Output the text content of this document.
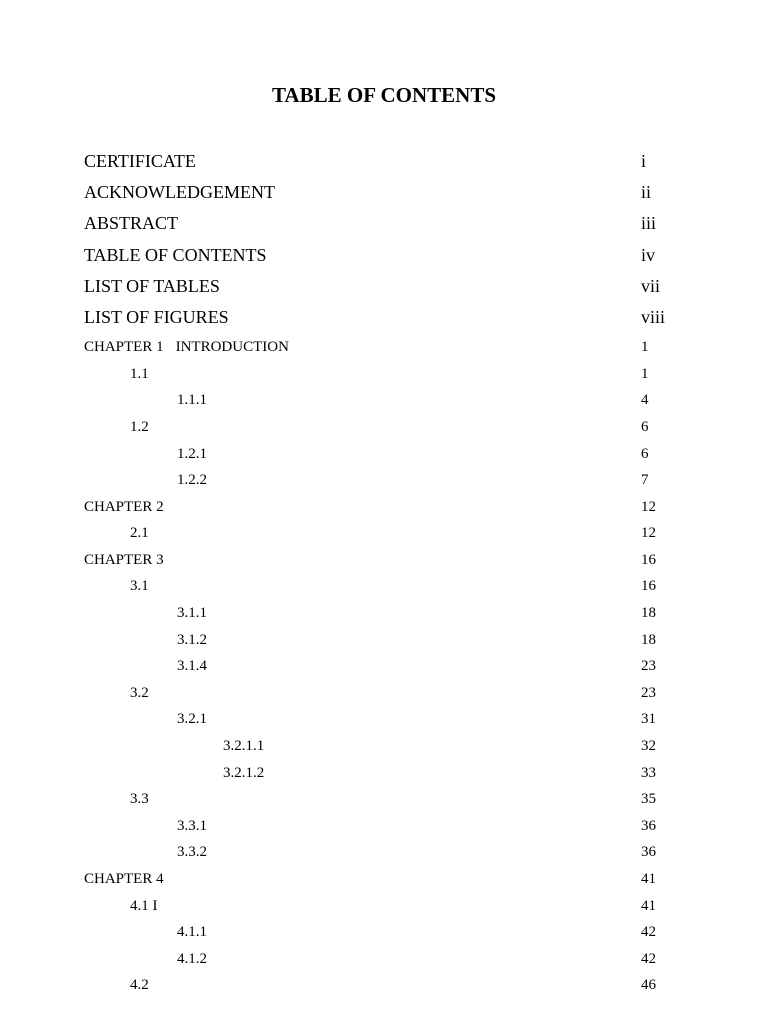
TABLE OF CONTENTS
CERTIFICATE	i
ACKNOWLEDGEMENT	ii
ABSTRACT	iii
TABLE OF CONTENTS	iv
LIST OF TABLES	vii
LIST OF FIGURES	viii
CHAPTER 1 INTRODUCTION	1
1.1	1
1.1.1	4
1.2	6
1.2.1	6
1.2.2	7
CHAPTER 2	12
2.1	12
CHAPTER 3	16
3.1	16
3.1.1	18
3.1.2	18
3.1.4	23
3.2	23
3.2.1	31
3.2.1.1	32
3.2.1.2	33
3.3	35
3.3.1	36
3.3.2	36
CHAPTER 4	41
4.1 I	41
4.1.1	42
4.1.2	42
4.2	46
